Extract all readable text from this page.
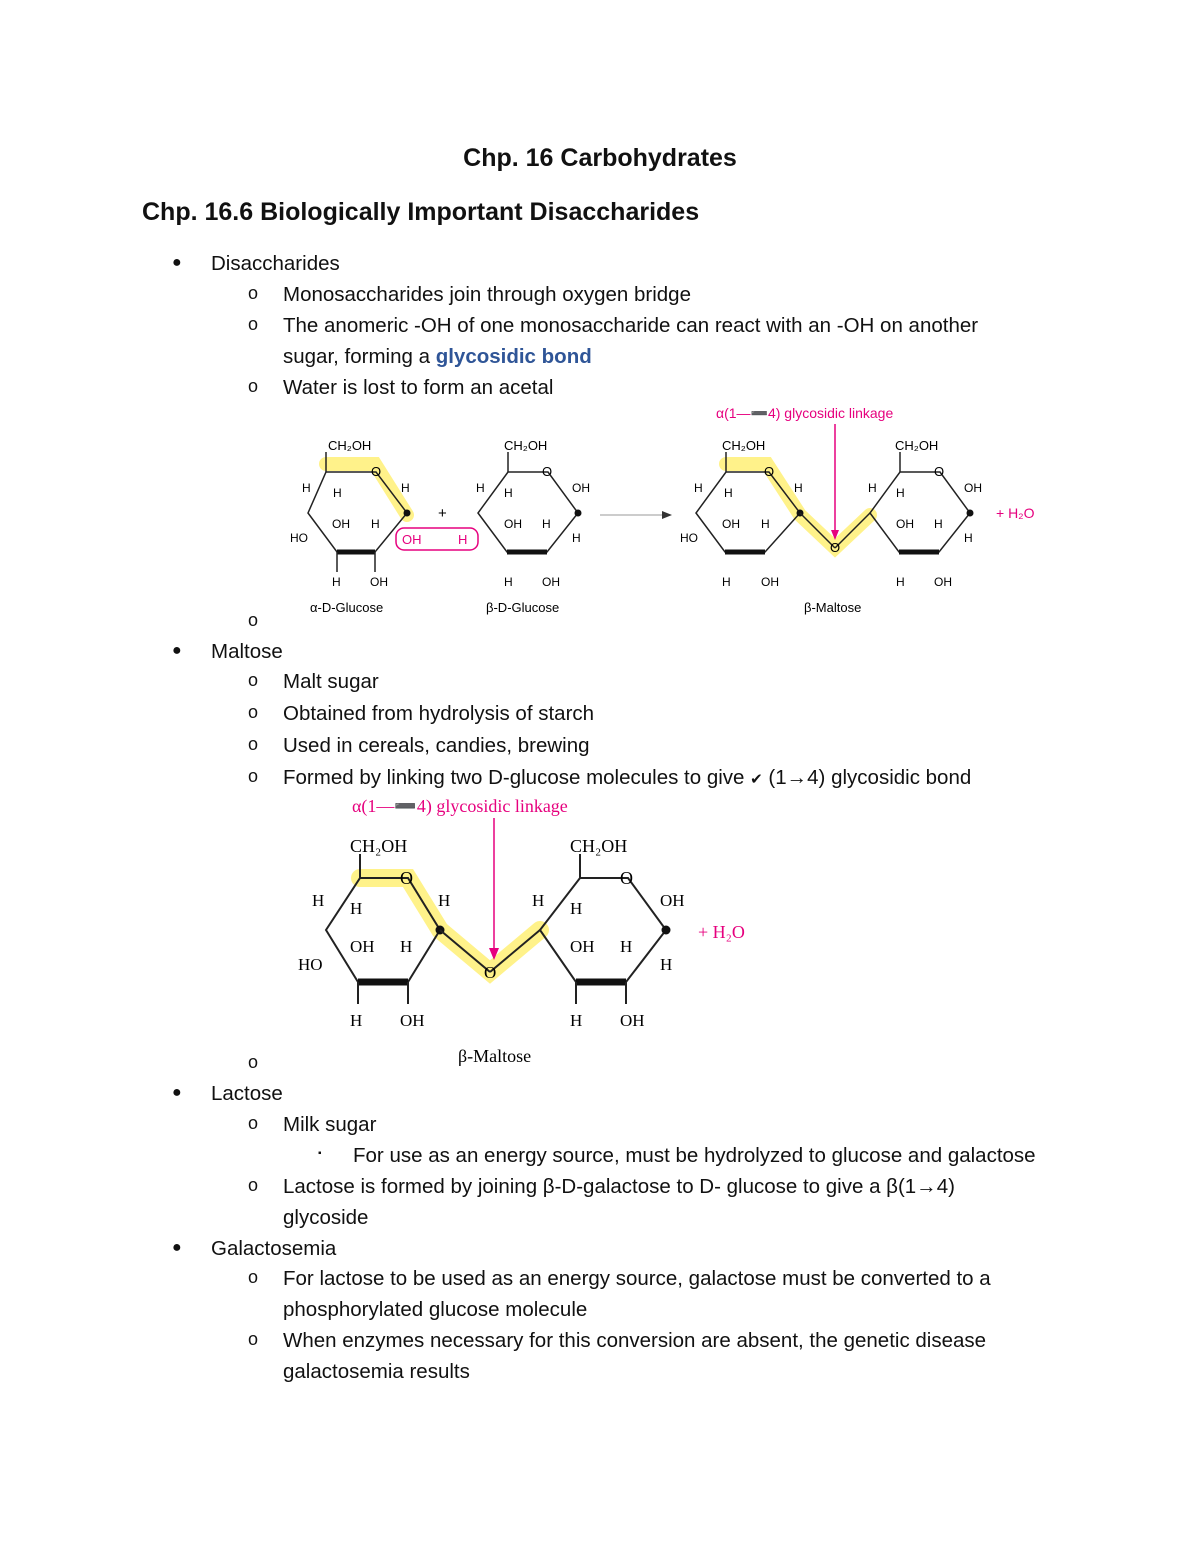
Chp. 16 Carbohydrates
Chp. 16.6 Biologically Important Disaccharides
● Disaccharides
o Monosaccharides join through oxygen bridge
o The anomeric -OH of one monosaccharide can react with an -OH on another
sugar, forming a glycosidic bond
o Water is lost to form an acetal
OH	H
CH₂OH
O
H H	H
HO
OH H
H OH
α-D-Glucose
+
CH₂OH
O
H H	OH
OH H
H
H OH
β-D-Glucose
α(1—➖4) glycosidic linkage
O
CH₂OH
O
H H	H
HO
OH H
H	OH
CH₂OH
O
H H	OH
OH H
H
H OH
β-Maltose
+ H₂O
o
● Maltose
o Malt sugar
o Obtained from hydrolysis of starch
o Used in cereals, candies, brewing
o Formed by linking two D-glucose molecules to give ✔ (1→4) glycosidic bond
α(1—➖4) glycosidic linkage
CH₂OH
O
H H	H
HO
OH H
H OH
O
CH₂OH
O
H H	OH
OH H
H
H OH
+ H₂O
β-Maltose
o
● Lactose
o Milk sugar
▪ For use as an energy source, must be hydrolyzed to glucose and galactose
o Lactose is formed by joining β-D-galactose to D- glucose to give a β(1→4)
glycoside
● Galactosemia
o For lactose to be used as an energy source, galactose must be converted to a
phosphorylated glucose molecule
o When enzymes necessary for this conversion are absent, the genetic disease
galactosemia results
